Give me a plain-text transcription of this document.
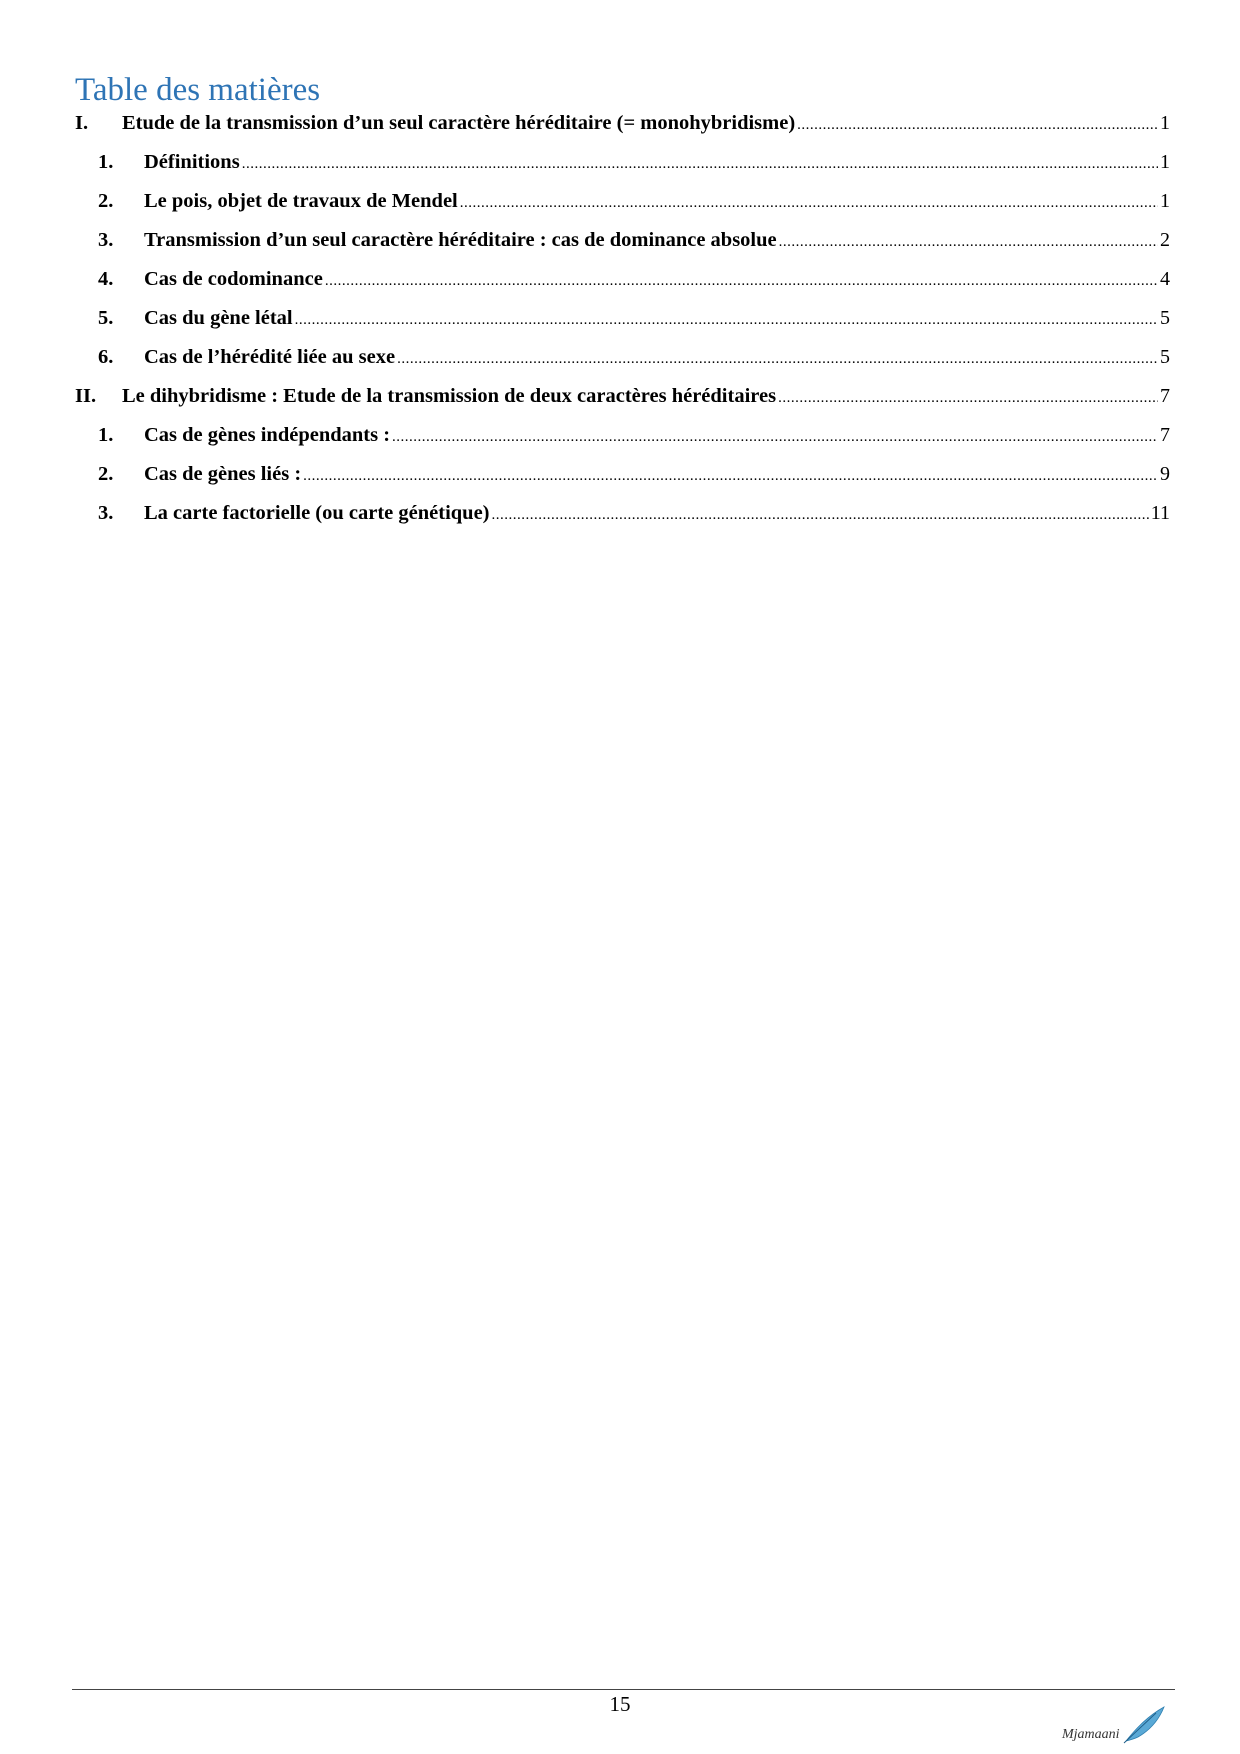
Table des matières
I.	Etude de la transmission d’un seul caractère héréditaire (= monohybridisme) .....	1
1.	Définitions .....	1
2.	Le pois, objet de travaux de Mendel .....	1
3.	Transmission d’un seul caractère héréditaire : cas de dominance absolue .....	2
4.	Cas de codominance .....	4
5.	Cas du gène létal .....	5
6.	Cas de l’hérédité liée au sexe .....	5
II.	Le dihybridisme : Etude de la transmission de deux caractères héréditaires .....	7
1.	Cas de gènes indépendants : .....	7
2.	Cas de gènes liés : .....	9
3.	La carte factorielle (ou carte génétique) .....	11
15
Mjamaani
